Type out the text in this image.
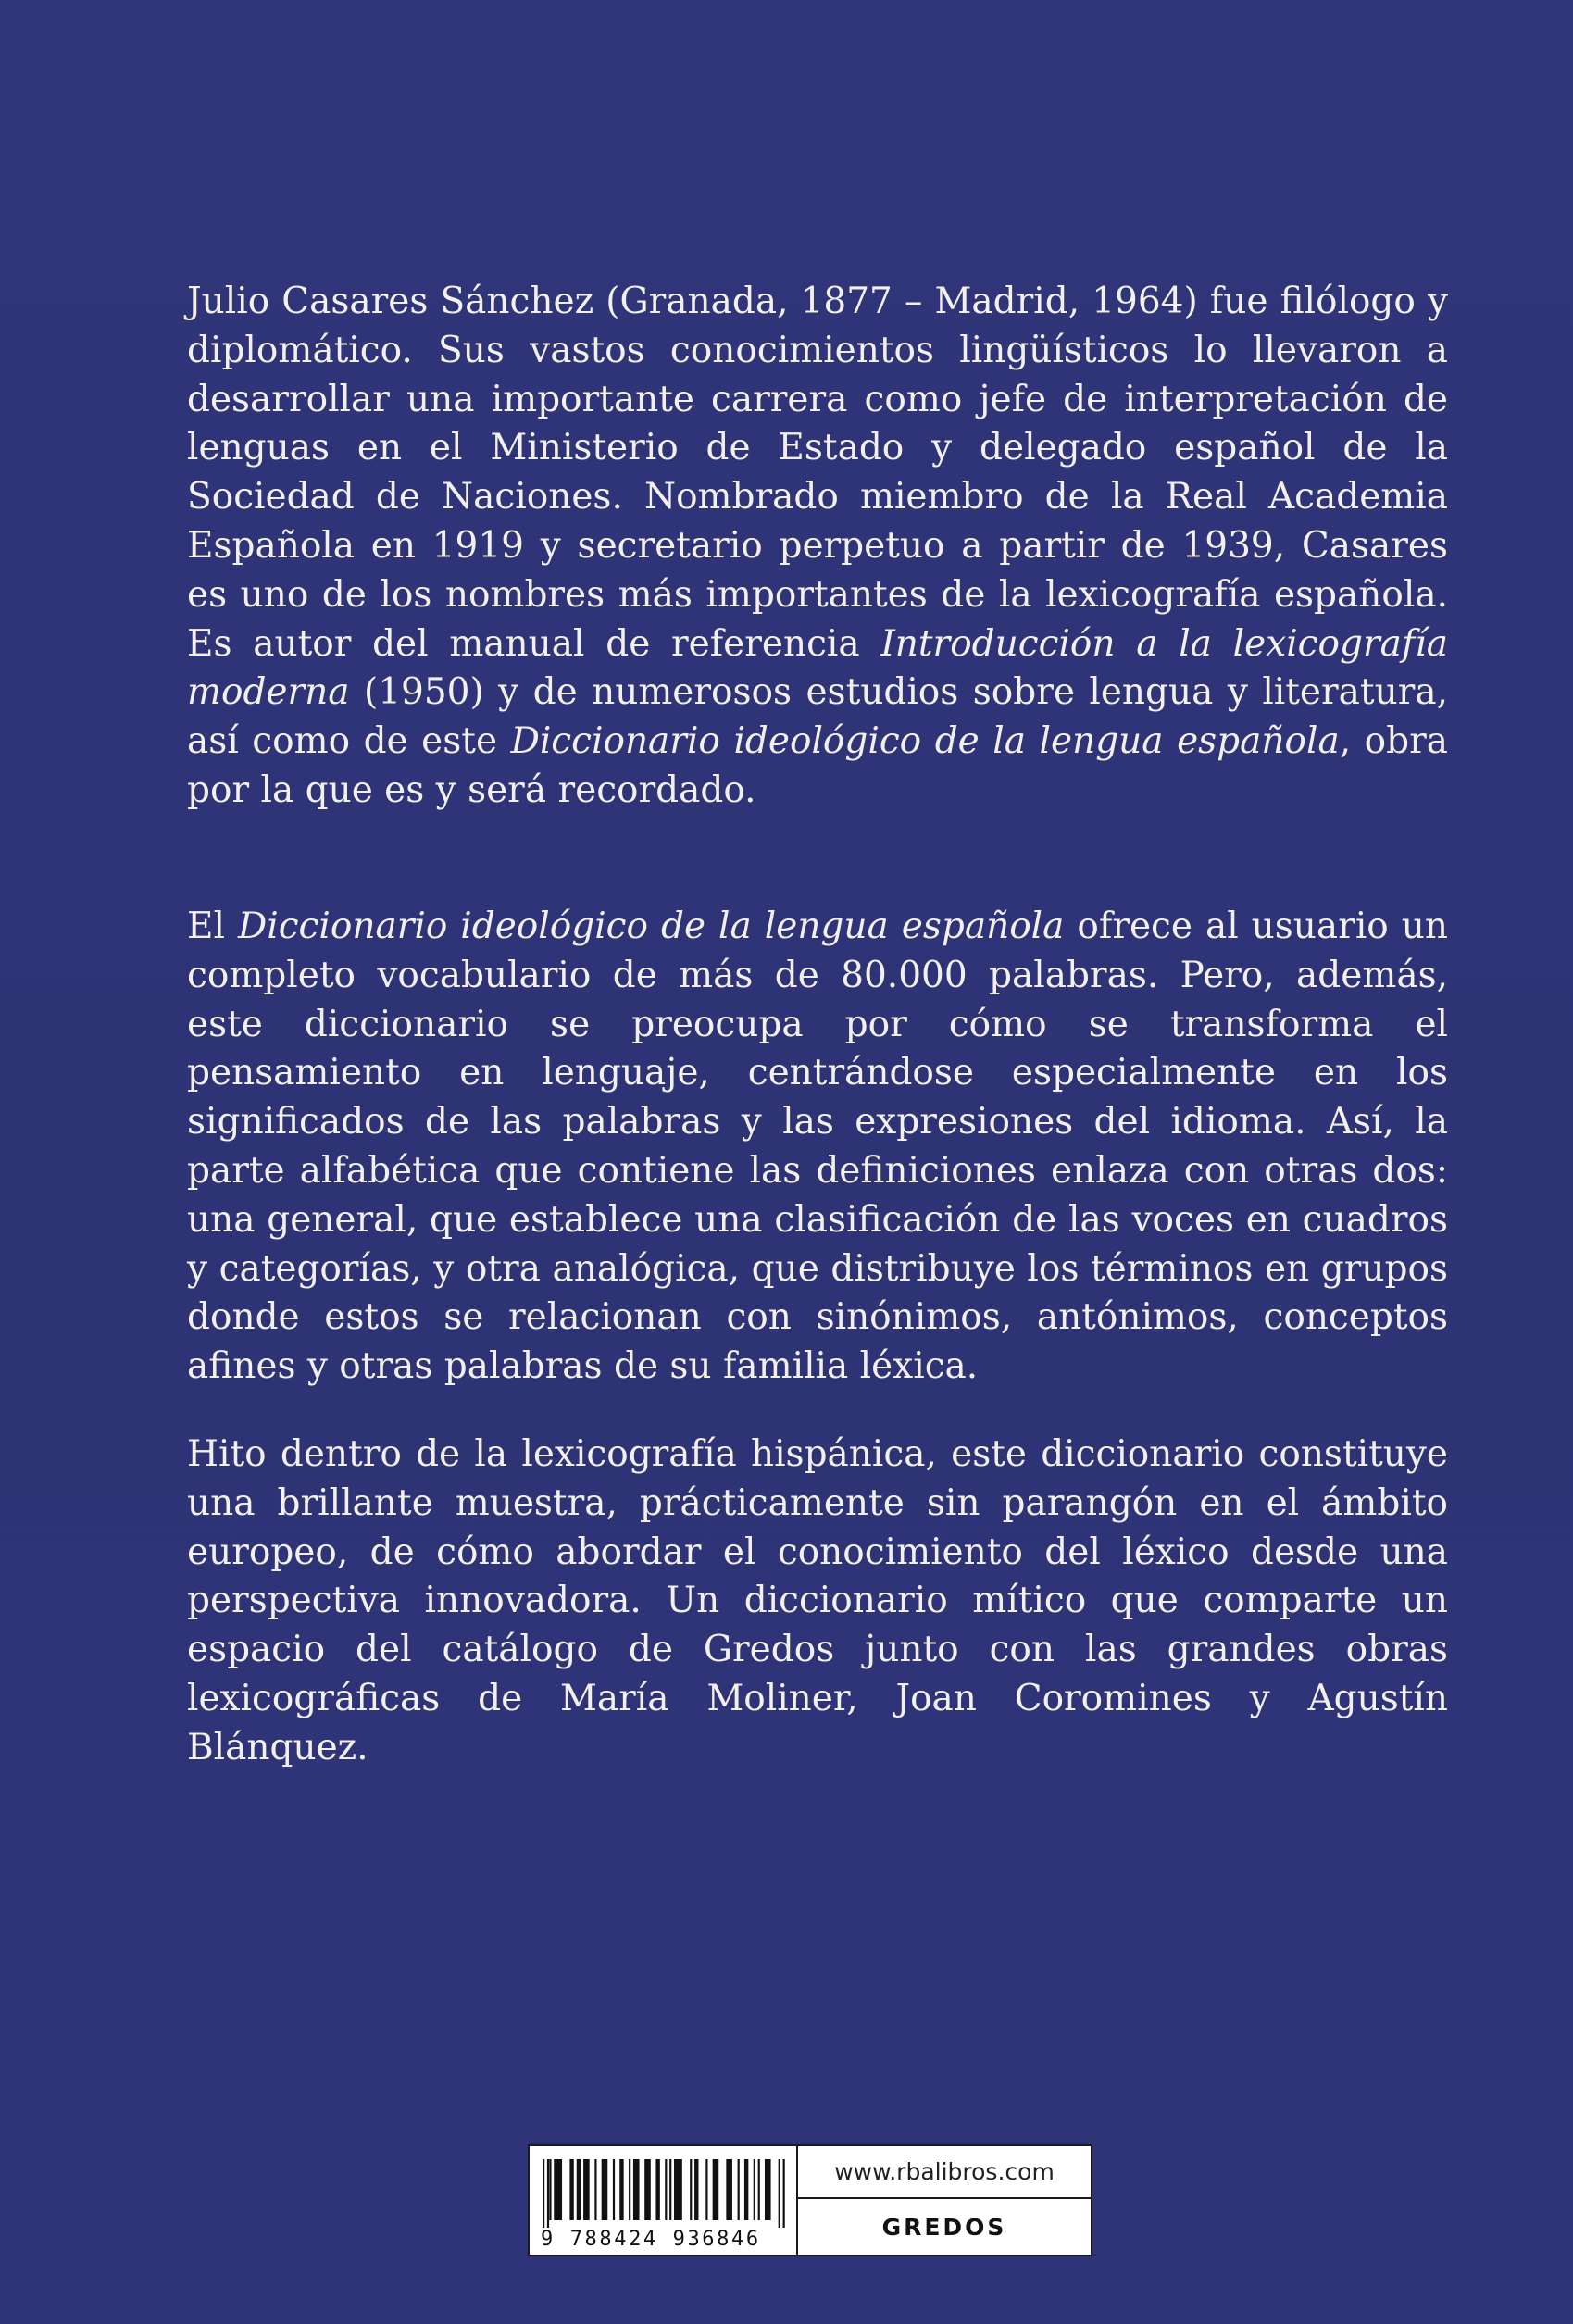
Julio Casares Sánchez (Granada, 1877 – Madrid, 1964) fue filólogo y diplomático. Sus vastos conocimientos lingüísticos lo llevaron a desarrollar una importante carrera como jefe de interpretación de lenguas en el Ministerio de Estado y delegado español de la Sociedad de Naciones. Nombrado miembro de la Real Academia Española en 1919 y secretario perpetuo a partir de 1939, Casares es uno de los nombres más importantes de la lexicografía española. Es autor del manual de referencia Introducción a la lexicografía moderna (1950) y de numerosos estudios sobre lengua y literatura, así como de este Diccionario ideológico de la lengua española, obra por la que es y será recordado.

El Diccionario ideológico de la lengua española ofrece al usuario un completo vocabulario de más de 80.000 palabras. Pero, además, este diccionario se preocupa por cómo se transforma el pensamiento en lenguaje, centrándose especialmente en los significados de las palabras y las expresiones del idioma. Así, la parte alfabética que contiene las definiciones enlaza con otras dos: una general, que establece una clasificación de las voces en cuadros y categorías, y otra analógica, que distribuye los términos en grupos donde estos se relacionan con sinónimos, antónimos, conceptos afines y otras palabras de su familia léxica.

Hito dentro de la lexicografía hispánica, este diccionario constituye una brillante muestra, prácticamente sin parangón en el ámbito europeo, de cómo abordar el conocimiento del léxico desde una perspectiva innovadora. Un diccionario mítico que comparte un espacio del catálogo de Gredos junto con las grandes obras lexicográficas de María Moliner, Joan Coromines y Agustín Blánquez.

9 788424 936846
www.rbalibros.com
GREDOS
